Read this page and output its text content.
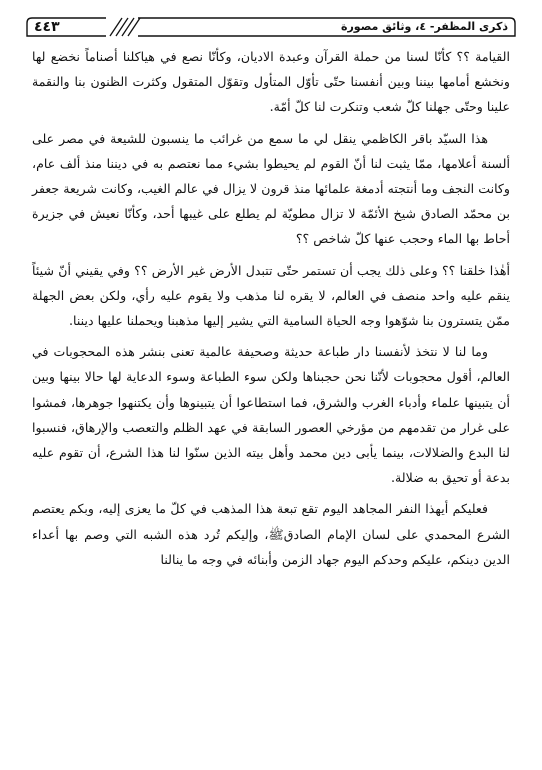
ذكرى المظفر- ٤، وثائق مصورة
٤٤٣

القيامة ؟؟ كأنّا لسنا من حملة القرآن وعبدة الاديان، وكأنّا نصع في هياكلنا أصناماً نخضع لها ونخشع أمامها بيننا وبين أنفسنا حتّى تأوّل المتأول وتقوّل المتقول وكثرت الظنون بنا والنقمة علينا وحتّى جهلنا كلّ شعب وتنكرت لنا كلّ أمّة.

هذا السيّد باقر الكاظمي ينقل لي ما سمع من غرائب ما ينسبون للشيعة في مصر على ألسنة أعلامها، ممّا يثبت لنا أنّ القوم لم يحيطوا بشيء مما نعتصم به في ديننا منذ ألف عام، وكانت النجف وما أنتجته أدمغة علمائها منذ قرون لا يزال في عالم الغيب، وكانت شريعة جعفر بن محمّد الصادق شيخ الأئمّة لا تزال مطويّة لم يطلع على غيبها أحد، وكأنّا نعيش في جزيرة أحاط بها الماء وحجب عنها كلّ شاخص ؟؟

أهٰذا خلقنا ؟؟ وعلى ذلك يجب أن تستمر حتّى تتبدل الأرض غير الأرض ؟؟ وفي يقيني أنّ شيئاً ينقم عليه واحد منصف في العالم، لا يقره لنا مذهب ولا يقوم عليه رأي، ولكن بعض الجهلة ممّن يتسترون بنا شوّهوا وجه الحياة السامية التي يشير إليها مذهبنا ويحملنا عليها ديننا.

وما لنا لا نتخذ لأنفسنا دار طباعة حديثة وصحيفة عالمية تعنى بنشر هذه المحجوبات في العالم، أقول محجوبات لأنّنا نحن حجبناها ولكن سوء الطباعة وسوء الدعاية لها حالا بينها وبين أن يتبينها علماء وأدباء الغرب والشرق، فما استطاعوا أن يتبينوها وأن يكتنهوا جوهرها، فمشوا على غرار من تقدمهم من مؤرخي العصور السابقة في عهد الظلم والتعصب والإرهاق، فنسبوا لنا البدع والضلالات، بينما يأبى دين محمد وأهل بيته الذين سنّوا لنا هذا الشرع، أن تقوم عليه بدعة أو تحيق به ضلالة.

فعليكم أيهذا النفر المجاهد اليوم تقع تبعة هذا المذهب في كلّ ما يعزى إليه، وبكم يعتصم الشرع المحمدي على لسان الإمام الصادقﷺ، وإليكم تُرد هذه الشبه التي وصم بها أعداء الدين دينكم، عليكم وحدكم اليوم جهاد الزمن وأبنائه في وجه ما ينالنا
